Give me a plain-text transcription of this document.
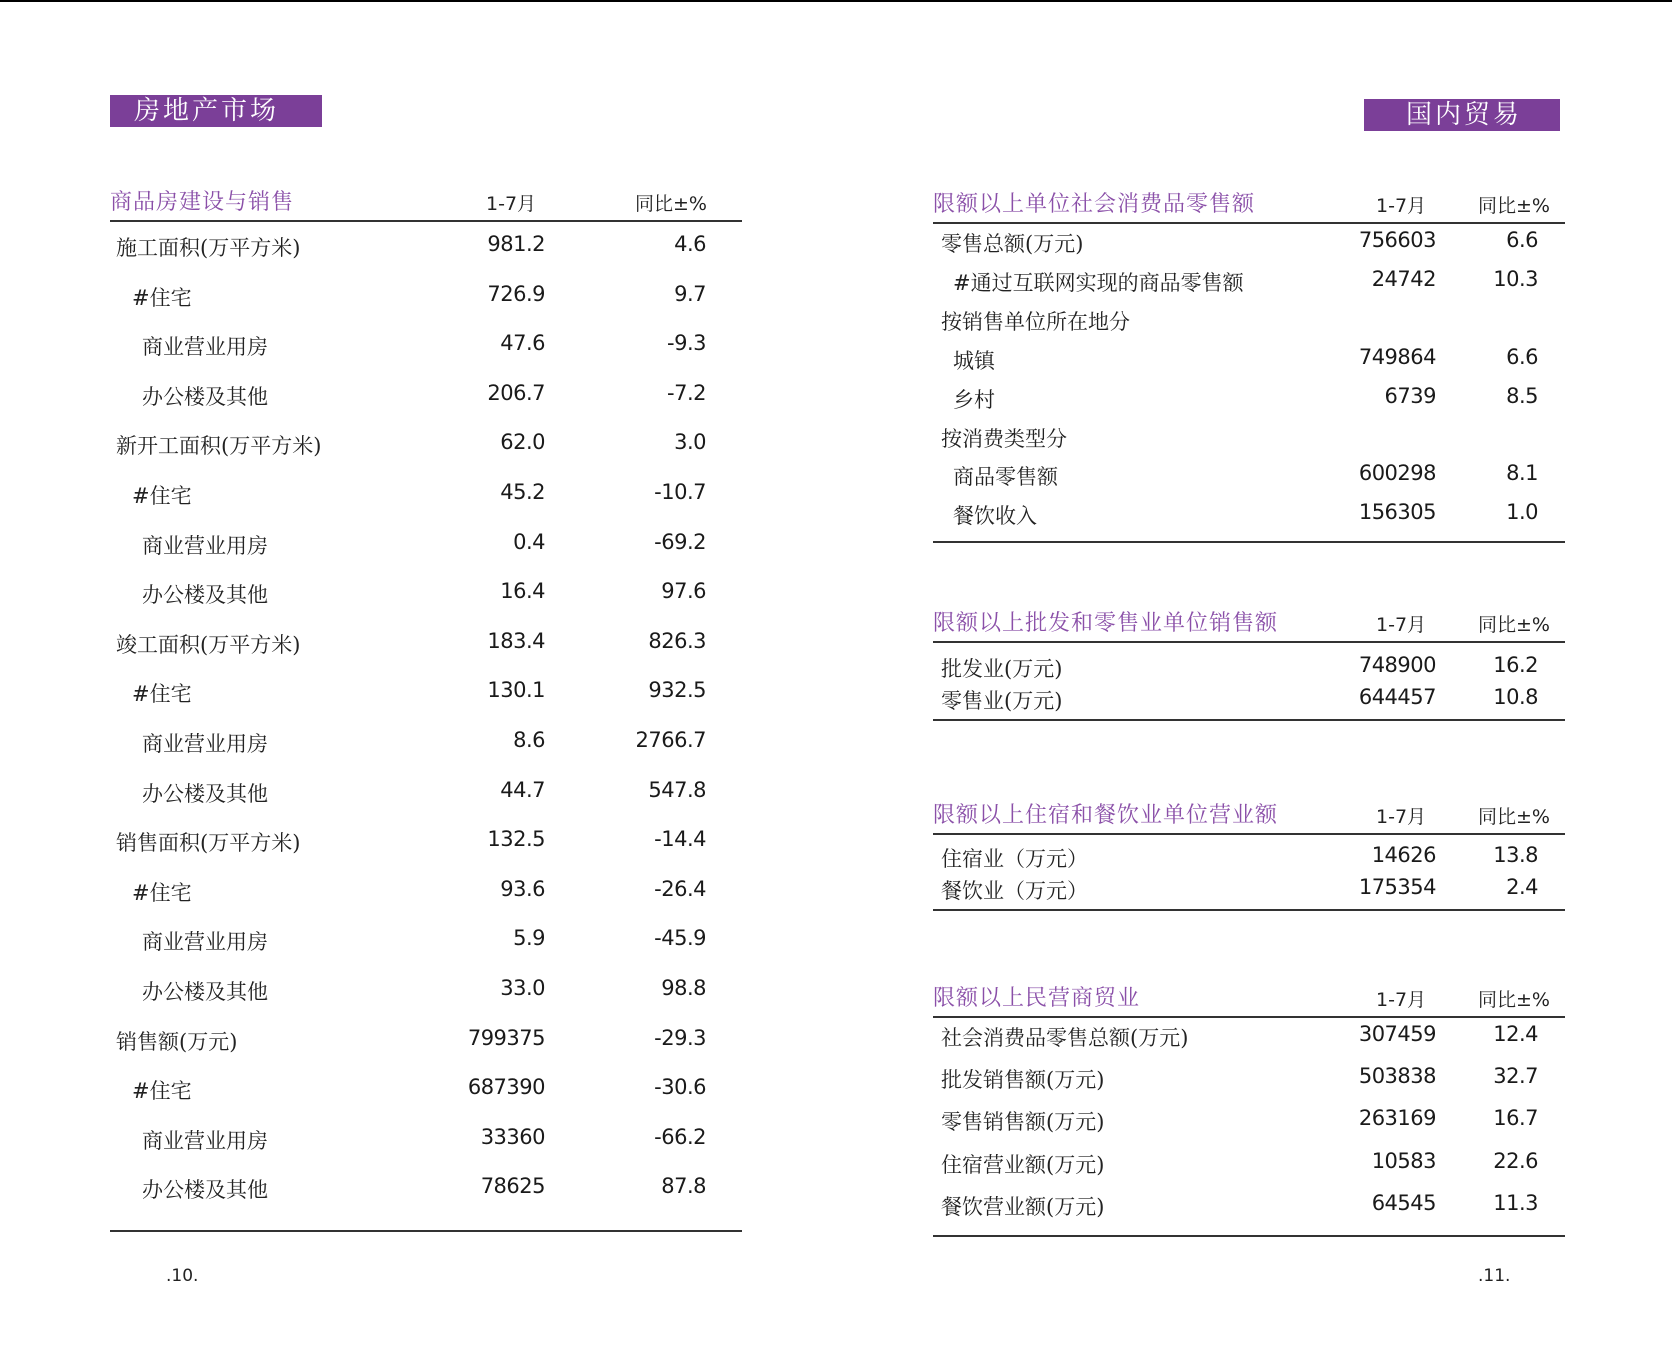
房地产市场	国内贸易
商品房建设与销售	1-7月	同比±%
施工面积(万平方米)	981.2	4.6
#住宅	726.9	9.7
商业营业用房	47.6	-9.3
办公楼及其他	206.7	-7.2
新开工面积(万平方米)	62.0	3.0
#住宅	45.2	-10.7
商业营业用房	0.4	-69.2
办公楼及其他	16.4	97.6
竣工面积(万平方米)	183.4	826.3
#住宅	130.1	932.5
商业营业用房	8.6	2766.7
办公楼及其他	44.7	547.8
销售面积(万平方米)	132.5	-14.4
#住宅	93.6	-26.4
商业营业用房	5.9	-45.9
办公楼及其他	33.0	98.8
销售额(万元)	799375	-29.3
#住宅	687390	-30.6
商业营业用房	33360	-66.2
办公楼及其他	78625	87.8
限额以上单位社会消费品零售额	1-7月	同比±%
零售总额(万元)	756603	6.6
#通过互联网实现的商品零售额	24742	10.3
按销售单位所在地分
城镇	749864	6.6
乡村	6739	8.5
按消费类型分
商品零售额	600298	8.1
餐饮收入	156305	1.0
限额以上批发和零售业单位销售额	1-7月	同比±%
批发业(万元)	748900	16.2
零售业(万元)	644457	10.8
限额以上住宿和餐饮业单位营业额	1-7月	同比±%
住宿业（万元）	14626	13.8
餐饮业（万元）	175354	2.4
限额以上民营商贸业	1-7月	同比±%
社会消费品零售总额(万元)	307459	12.4
批发销售额(万元)	503838	32.7
零售销售额(万元)	263169	16.7
住宿营业额(万元)	10583	22.6
餐饮营业额(万元)	64545	11.3
.10.	.11.
